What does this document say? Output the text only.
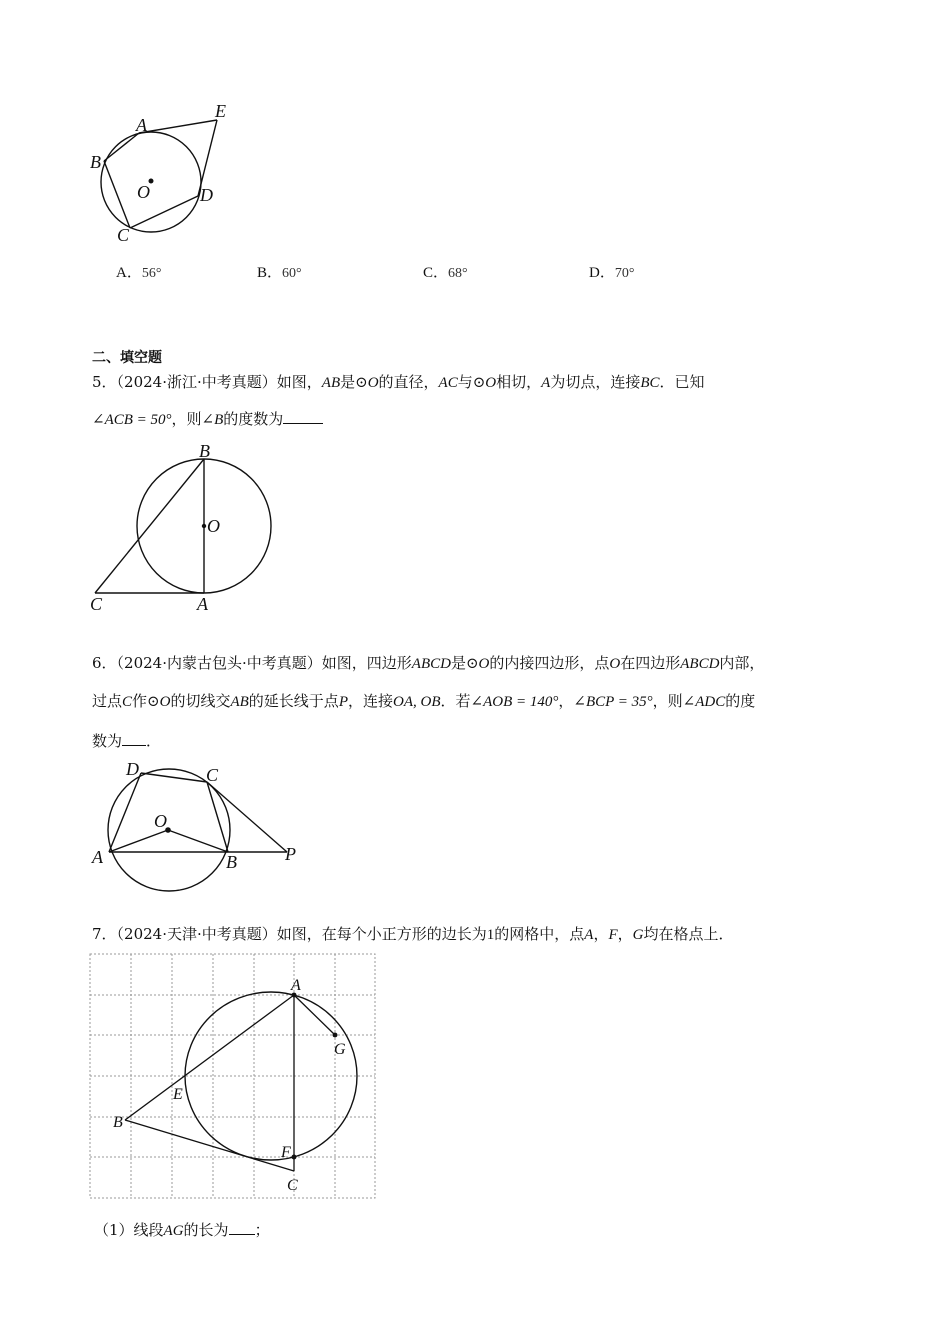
A
E
B
O	D
C
A．56°	B．60°	C．68°	D．70°
二、填空题
5．（2024·浙江·中考真题）如图，AB是⊙O的直径，AC与⊙O相切，A为切点，连接BC．已知
∠ACB = 50°，则∠B的度数为
B
O
C	A
6．（2024·内蒙古包头·中考真题）如图，四边形ABCD是⊙O的内接四边形，点O在四边形ABCD内部，
过点C作⊙O的切线交AB的延长线于点P，连接OA, OB．若∠AOB = 140°，∠BCP = 35°，则∠ADC的度
数为 ．
D	C
O
A	B	P
7．（2024·天津·中考真题）如图，在每个小正方形的边长为1的网格中，点A，F，G均在格点上．
A
G
E
B
F
C
（1）线段AG的长为 ；
